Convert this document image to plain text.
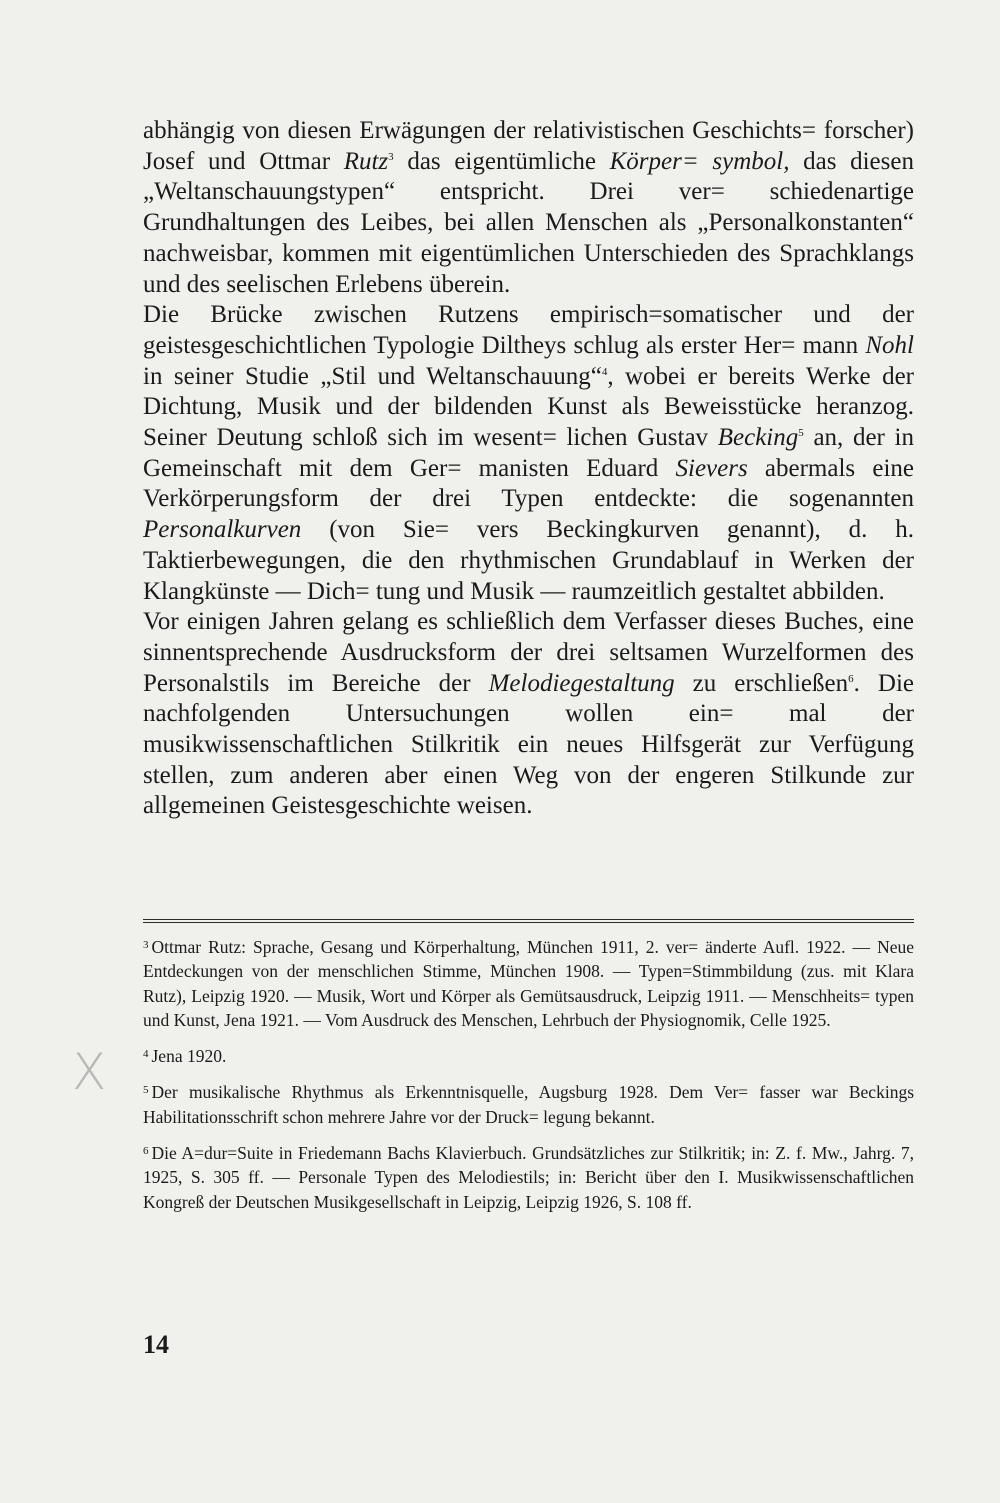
abhängig von diesen Erwägungen der relativistischen Geschichts= forscher) Josef und Ottmar Rutz$^3$ das eigentümliche Körper= symbol, das diesen „Weltanschauungstypen“ entspricht. Drei ver= schiedenartige Grundhaltungen des Leibes, bei allen Menschen als „Personalkonstanten“ nachweisbar, kommen mit eigentümlichen Unterschieden des Sprachklangs und des seelischen Erlebens überein.

Die Brücke zwischen Rutzens empirisch=somatischer und der geistesgeschichtlichen Typologie Diltheys schlug als erster Her= mann Nohl in seiner Studie „Stil und Weltanschauung“$^4$, wobei er bereits Werke der Dichtung, Musik und der bildenden Kunst als Beweisstücke heranzog. Seiner Deutung schloß sich im wesent= lichen Gustav Becking$^5$ an, der in Gemeinschaft mit dem Ger= manisten Eduard Sievers abermals eine Verkörperungsform der drei Typen entdeckte: die sogenannten Personalkurven (von Sie= vers Beckingkurven genannt), d. h. Taktierbewegungen, die den rhythmischen Grundablauf in Werken der Klangkünste — Dich= tung und Musik — raumzeitlich gestaltet abbilden.

Vor einigen Jahren gelang es schließlich dem Verfasser dieses Buches, eine sinnentsprechende Ausdrucksform der drei seltsamen Wurzelformen des Personalstils im Bereiche der Melodiegestaltung zu erschließen$^6$. Die nachfolgenden Untersuchungen wollen ein= mal der musikwissenschaftlichen Stilkritik ein neues Hilfsgerät zur Verfügung stellen, zum anderen aber einen Weg von der engeren Stilkunde zur allgemeinen Geistesgeschichte weisen.

$^3$ Ottmar Rutz: Sprache, Gesang und Körperhaltung, München 1911, 2. ver= änderte Aufl. 1922. — Neue Entdeckungen von der menschlichen Stimme, München 1908. — Typen=Stimmbildung (zus. mit Klara Rutz), Leipzig 1920. — Musik, Wort und Körper als Gemütsausdruck, Leipzig 1911. — Menschheits= typen und Kunst, Jena 1921. — Vom Ausdruck des Menschen, Lehrbuch der Physiognomik, Celle 1925.

$^4$ Jena 1920.

$^5$ Der musikalische Rhythmus als Erkenntnisquelle, Augsburg 1928. Dem Ver= fasser war Beckings Habilitationsschrift schon mehrere Jahre vor der Druck= legung bekannt.

$^6$ Die A=dur=Suite in Friedemann Bachs Klavierbuch. Grundsätzliches zur Stilkritik; in: Z. f. Mw., Jahrg. 7, 1925, S. 305 ff. — Personale Typen des Melodiestils; in: Bericht über den I. Musikwissenschaftlichen Kongreß der Deutschen Musikgesellschaft in Leipzig, Leipzig 1926, S. 108 ff.

X
14
